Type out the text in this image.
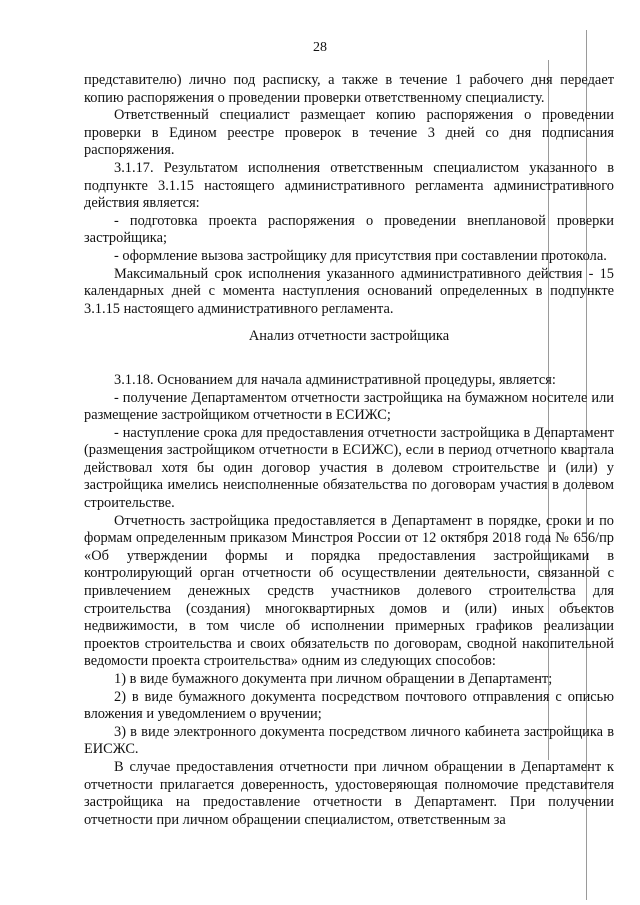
28

представителю) лично под расписку, а также в течение 1 рабочего дня передает копию распоряжения о проведении проверки ответственному специалисту.

Ответственный специалист размещает копию распоряжения о проведении проверки в Едином реестре проверок в течение 3 дней со дня подписания распоряжения.

3.1.17. Результатом исполнения ответственным специалистом указанного в подпункте 3.1.15 настоящего административного регламента административного действия является:

- подготовка проекта распоряжения о проведении внеплановой проверки застройщика;

- оформление вызова застройщику для присутствия при составлении протокола.

Максимальный срок исполнения указанного административного действия - 15 календарных дней с момента наступления оснований определенных в подпункте 3.1.15 настоящего административного регламента.

Анализ отчетности застройщика

3.1.18. Основанием для начала административной процедуры, является:

- получение Департаментом отчетности застройщика на бумажном носителе или размещение застройщиком отчетности в ЕСИЖС;

- наступление срока для предоставления отчетности застройщика в Департамент (размещения застройщиком отчетности в ЕСИЖС), если в период отчетного квартала действовал хотя бы один договор участия в долевом строительстве и (или) у застройщика имелись неисполненные обязательства по договорам участия в долевом строительстве.

Отчетность застройщика предоставляется в Департамент в порядке, сроки и по формам определенным приказом Минстроя России от 12 октября 2018 года № 656/пр «Об утверждении формы и порядка предоставления застройщиками в контролирующий орган отчетности об осуществлении деятельности, связанной с привлечением денежных средств участников долевого строительства для строительства (создания) многоквартирных домов и (или) иных объектов недвижимости, в том числе об исполнении примерных графиков реализации проектов строительства и своих обязательств по договорам, сводной накопительной ведомости проекта строительства» одним из следующих способов:

1) в виде бумажного документа при личном обращении в Департамент;

2) в виде бумажного документа посредством почтового отправления с описью вложения и уведомлением о вручении;

3) в виде электронного документа посредством личного кабинета застройщика в ЕИСЖС.

В случае предоставления отчетности при личном обращении в Департамент к отчетности прилагается доверенность, удостоверяющая полномочие представителя застройщика на предоставление отчетности в Департамент. При получении отчетности при личном обращении специалистом, ответственным за
